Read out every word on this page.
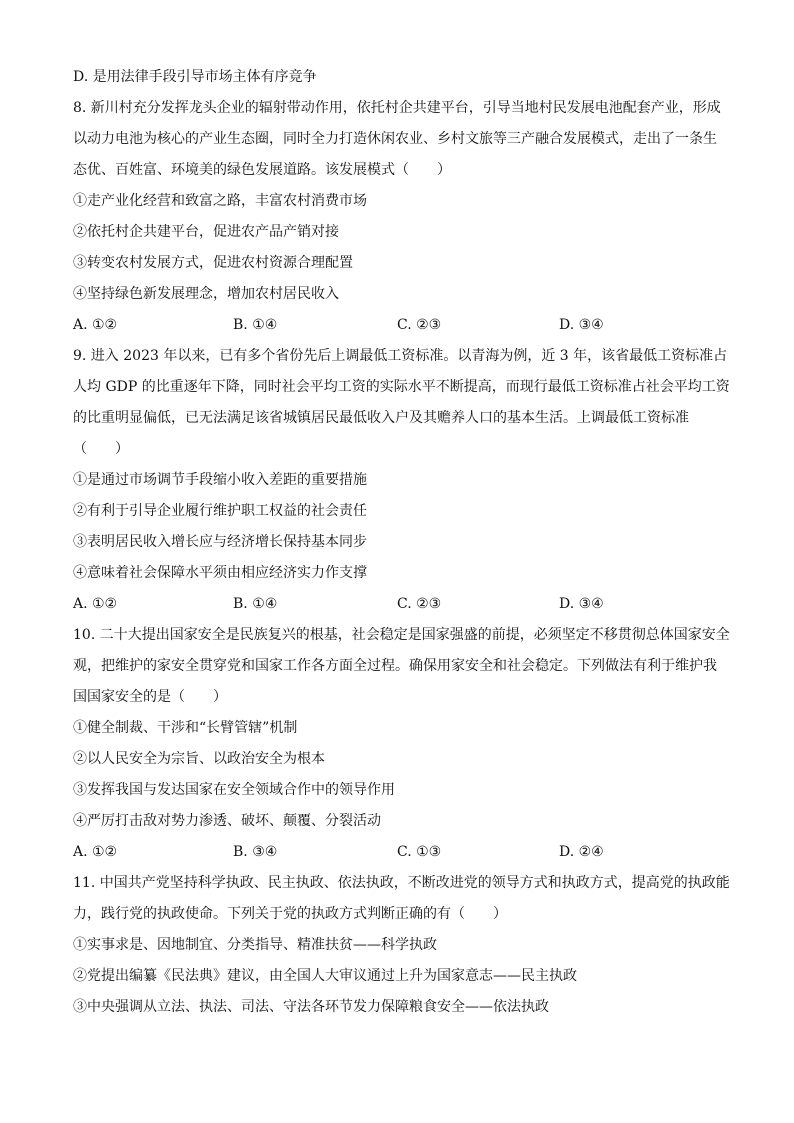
D. 是用法律手段引导市场主体有序竞争
8. 新川村充分发挥龙头企业的辐射带动作用，依托村企共建平台，引导当地村民发展电池配套产业，形成
以动力电池为核心的产业生态圈，同时全力打造休闲农业、乡村文旅等三产融合发展模式，走出了一条生
态优、百姓富、环境美的绿色发展道路。该发展模式（　　）
①走产业化经营和致富之路，丰富农村消费市场
②依托村企共建平台，促进农产品产销对接
③转变农村发展方式，促进农村资源合理配置
④坚持绿色新发展理念，增加农村居民收入
A. ①②	B. ①④	C. ②③	D. ③④
9. 进入 2023 年以来，已有多个省份先后上调最低工资标准。以青海为例，近 3 年，该省最低工资标准占
人均 GDP 的比重逐年下降，同时社会平均工资的实际水平不断提高，而现行最低工资标准占社会平均工资
的比重明显偏低，已无法满足该省城镇居民最低收入户及其赡养人口的基本生活。上调最低工资标准
（　　）
①是通过市场调节手段缩小收入差距的重要措施
②有利于引导企业履行维护职工权益的社会责任
③表明居民收入增长应与经济增长保持基本同步
④意味着社会保障水平须由相应经济实力作支撑
A. ①②	B. ①④	C. ②③	D. ③④
10. 二十大提出国家安全是民族复兴的根基，社会稳定是国家强盛的前提，必须坚定不移贯彻总体国家安全
观，把维护的家安全贯穿党和国家工作各方面全过程。确保用家安全和社会稳定。下列做法有利于维护我
国国家安全的是（　　）
①健全制裁、干涉和“长臂管辖”机制
②以人民安全为宗旨、以政治安全为根本
③发挥我国与发达国家在安全领域合作中的领导作用
④严厉打击敌对势力渗透、破坏、颠覆、分裂活动
A. ①②	B. ③④	C. ①③	D. ②④
11. 中国共产党坚持科学执政、民主执政、依法执政，不断改进党的领导方式和执政方式，提高党的执政能
力，践行党的执政使命。下列关于党的执政方式判断正确的有（　　）
①实事求是、因地制宜、分类指导、精准扶贫——科学执政
②党提出编纂《民法典》建议，由全国人大审议通过上升为国家意志——民主执政
③中央强调从立法、执法、司法、守法各环节发力保障粮食安全——依法执政
